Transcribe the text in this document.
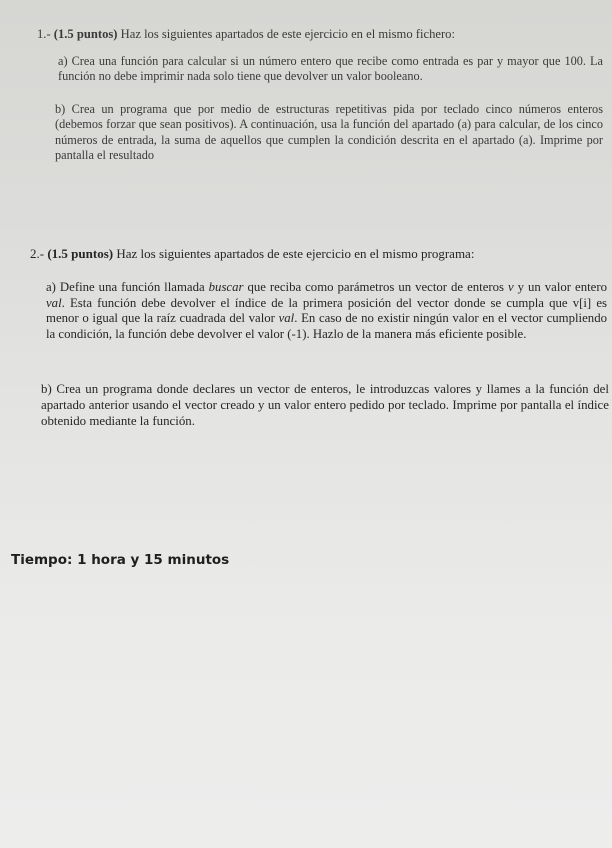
1.- (1.5 puntos) Haz los siguientes apartados de este ejercicio en el mismo fichero:

a) Crea una función para calcular si un número entero que recibe como entrada es par y mayor que 100. La función no debe imprimir nada solo tiene que devolver un valor booleano.

b) Crea un programa que por medio de estructuras repetitivas pida por teclado cinco números enteros (debemos forzar que sean positivos). A continuación, usa la función del apartado (a) para calcular, de los cinco números de entrada, la suma de aquellos que cumplen la condición descrita en el apartado (a). Imprime por pantalla el resultado

2.- (1.5 puntos) Haz los siguientes apartados de este ejercicio en el mismo programa:

a) Define una función llamada buscar que reciba como parámetros un vector de enteros v y un valor entero val. Esta función debe devolver el índice de la primera posición del vector donde se cumpla que v[i] es menor o igual que la raíz cuadrada del valor val. En caso de no existir ningún valor en el vector cumpliendo la condición, la función debe devolver el valor (-1). Hazlo de la manera más eficiente posible.

b) Crea un programa donde declares un vector de enteros, le introduzcas valores y llames a la función del apartado anterior usando el vector creado y un valor entero pedido por teclado. Imprime por pantalla el índice obtenido mediante la función.

Tiempo: 1 hora y 15 minutos
